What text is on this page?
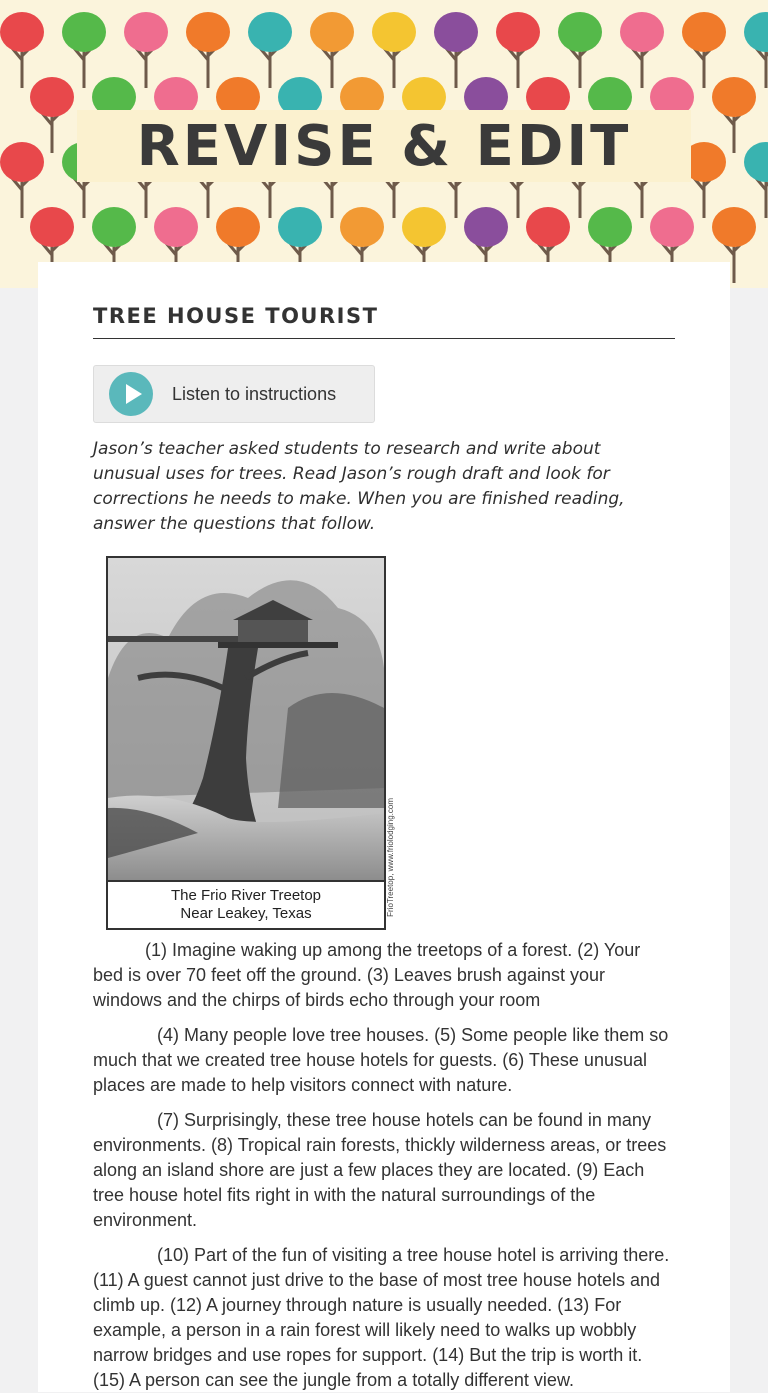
REVISE & EDIT
TREE HOUSE TOURIST
Listen to instructions

Jason’s teacher asked students to research and write about unusual uses for trees. Read Jason’s rough draft and look for corrections he needs to make. When you are finished reading, answer the questions that follow.

FrioTreetop, www.friolodging.com
The Frio River Treetop
Near Leakey, Texas

(1) Imagine waking up among the treetops of a forest. (2) Your bed is over 70 feet off the ground. (3) Leaves brush against your windows and the chirps of birds echo through your room

(4) Many people love tree houses. (5) Some people like them so much that we created tree house hotels for guests. (6) These unusual places are made to help visitors connect with nature.

(7) Surprisingly, these tree house hotels can be found in many environments. (8) Tropical rain forests, thickly wilderness areas, or trees along an island shore are just a few places they are located. (9) Each tree house hotel fits right in with the natural surroundings of the environment.

(10) Part of the fun of visiting a tree house hotel is arriving there. (11) A guest cannot just drive to the base of most tree house hotels and climb up. (12) A journey through nature is usually needed. (13) For example, a person in a rain forest will likely need to walks up wobbly narrow bridges and use ropes for support. (14) But the trip is worth it. (15) A person can see the jungle from a totally different view.
